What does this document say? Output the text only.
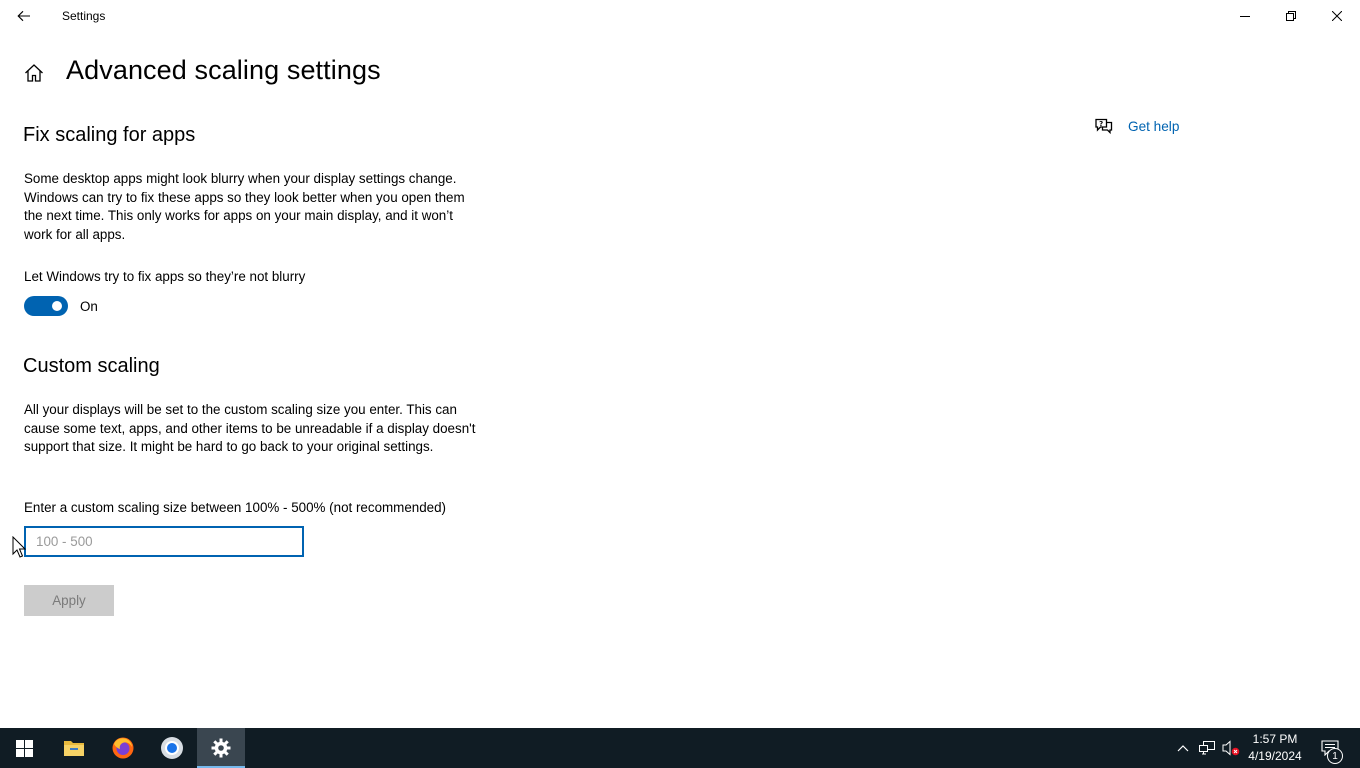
Settings
Advanced scaling settings
? Get help
Fix scaling for apps

Some desktop apps might look blurry when your display settings change. Windows can try to fix these apps so they look better when you open them the next time. This only works for apps on your main display, and it won’t work for all apps.

Let Windows try to fix apps so they’re not blurry
On
Custom scaling

All your displays will be set to the custom scaling size you enter. This can cause some text, apps, and other items to be unreadable if a display doesn't support that size. It might be hard to go back to your original settings.

Enter a custom scaling size between 100% - 500% (not recommended)
100 - 500
Apply
1:57 PM
4/19/2024	1
